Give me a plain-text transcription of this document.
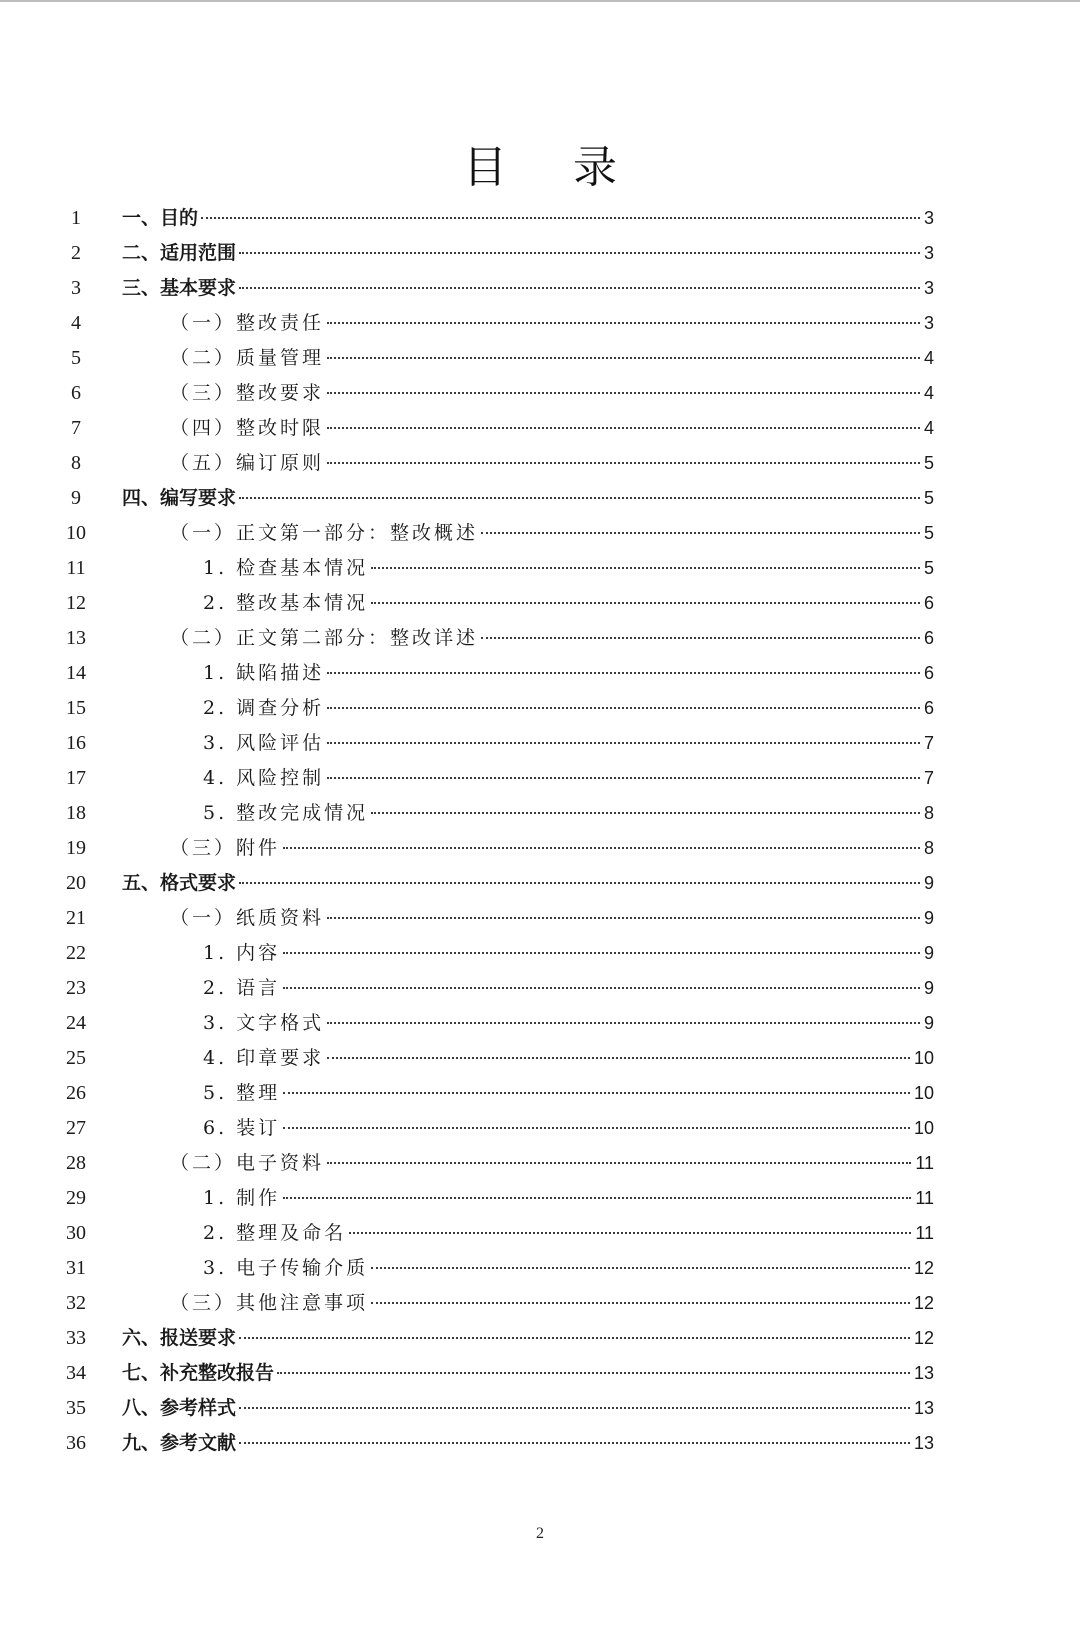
目 录
1	一、目的	3
2	二、适用范围	3
3	三、基本要求	3
4	（一）整改责任	3
5	（二）质量管理	4
6	（三）整改要求	4
7	（四）整改时限	4
8	（五）编订原则	5
9	四、编写要求	5
10	（一）正文第一部分：整改概述	5
11	1. 检查基本情况	5
12	2. 整改基本情况	6
13	（二）正文第二部分：整改详述	6
14	1. 缺陷描述	6
15	2. 调查分析	6
16	3. 风险评估	7
17	4. 风险控制	7
18	5. 整改完成情况	8
19	（三）附件	8
20	五、格式要求	9
21	（一）纸质资料	9
22	1. 内容	9
23	2. 语言	9
24	3. 文字格式	9
25	4. 印章要求	10
26	5. 整理	10
27	6. 装订	10
28	（二）电子资料	11
29	1. 制作	11
30	2. 整理及命名	11
31	3. 电子传输介质	12
32	（三）其他注意事项	12
33	六、报送要求	12
34	七、补充整改报告	13
35	八、参考样式	13
36	九、参考文献	13
2
